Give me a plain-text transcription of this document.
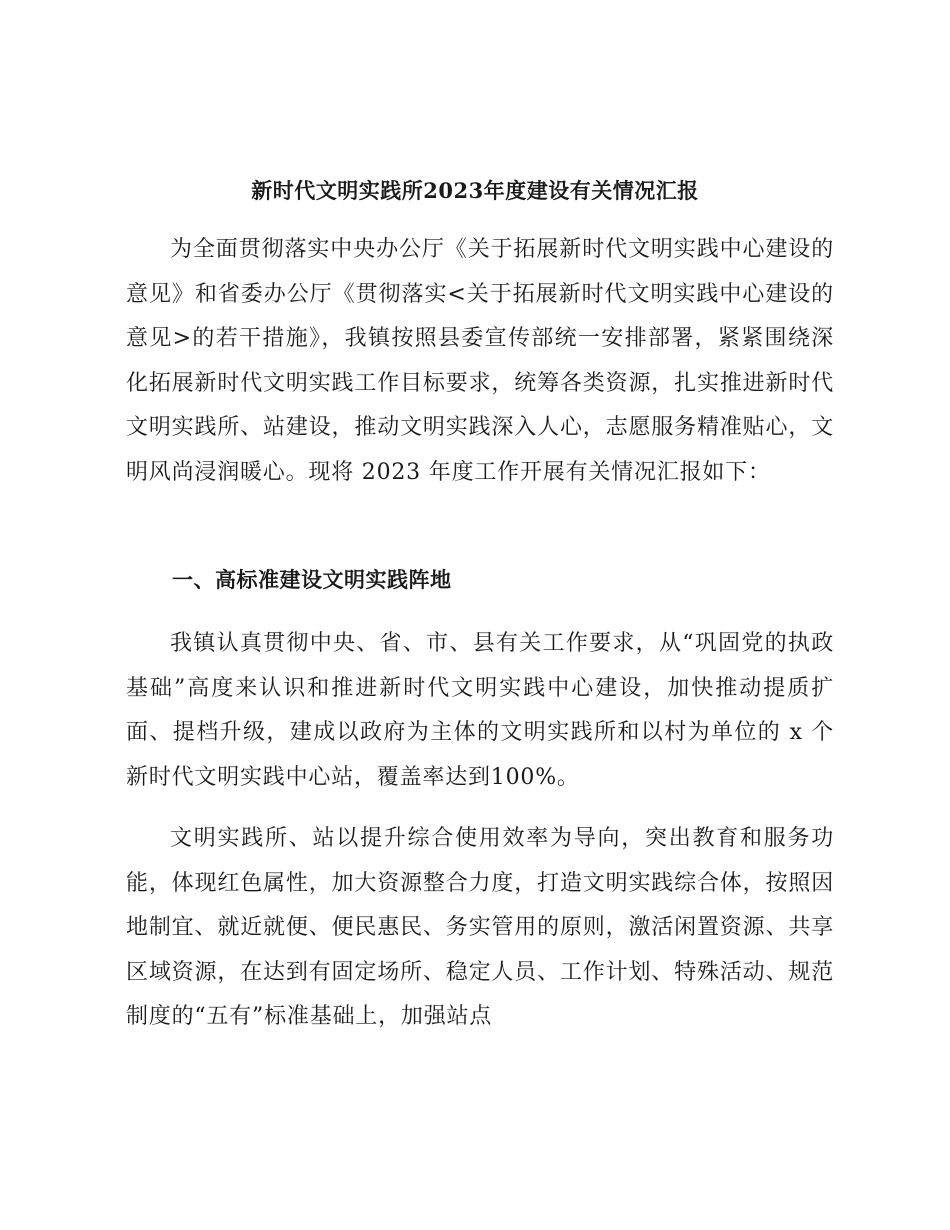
新时代文明实践所2023年度建设有关情况汇报

为全面贯彻落实中央办公厅《关于拓展新时代文明实践中心建设的意见》和省委办公厅《贯彻落实<关于拓展新时代文明实践中心建设的意见>的若干措施》，我镇按照县委宣传部统一安排部署，紧紧围绕深化拓展新时代文明实践工作目标要求，统筹各类资源，扎实推进新时代文明实践所、站建设，推动文明实践深入人心，志愿服务精准贴心，文明风尚浸润暖心。现将 2023 年度工作开展有关情况汇报如下：

一、高标准建设文明实践阵地

我镇认真贯彻中央、省、市、县有关工作要求，从“巩固党的执政基础”高度来认识和推进新时代文明实践中心建设，加快推动提质扩面、提档升级，建成以政府为主体的文明实践所和以村为单位的 x 个新时代文明实践中心站，覆盖率达到100%。

文明实践所、站以提升综合使用效率为导向，突出教育和服务功能，体现红色属性，加大资源整合力度，打造文明实践综合体，按照因地制宜、就近就便、便民惠民、务实管用的原则，激活闲置资源、共享区域资源，在达到有固定场所、稳定人员、工作计划、特殊活动、规范制度的“五有”标准基础上，加强站点
